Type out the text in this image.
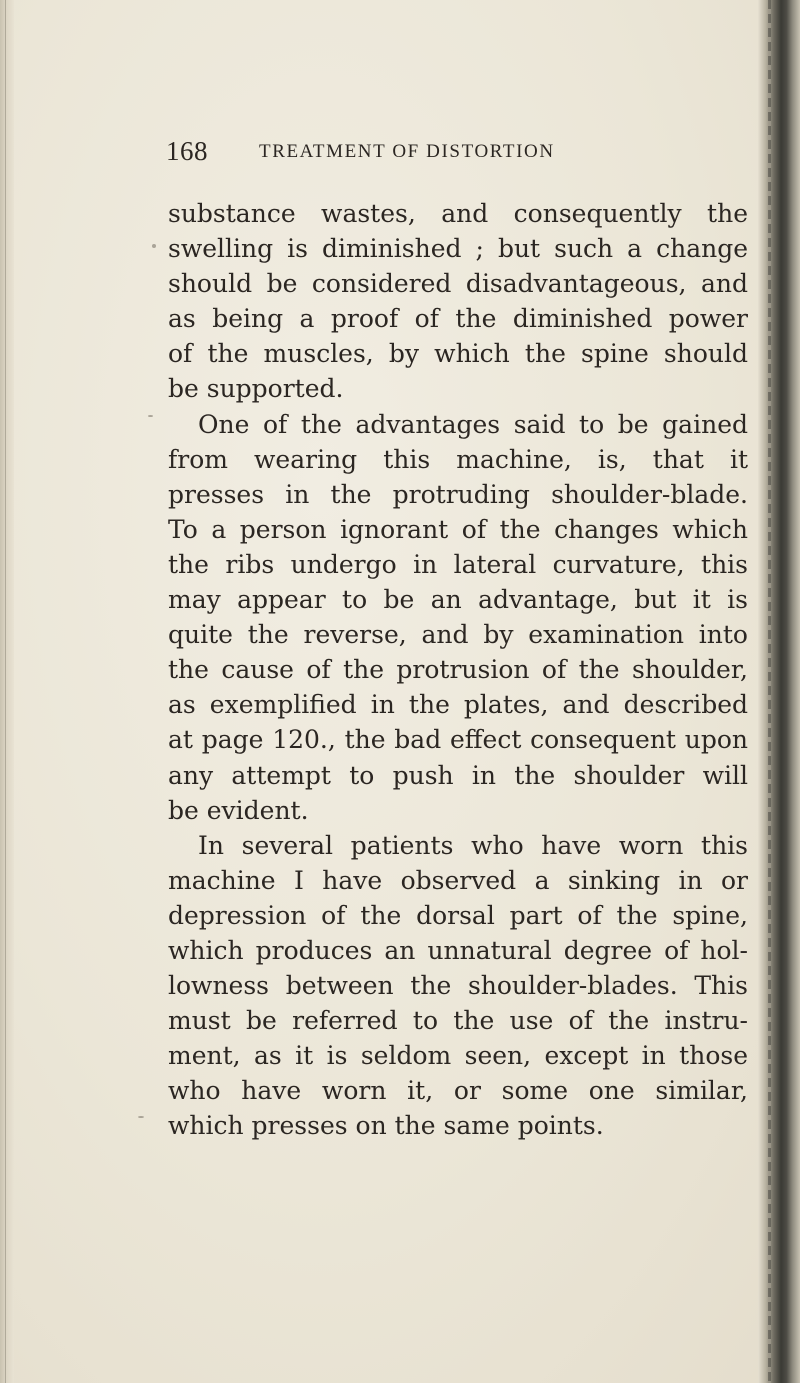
168	TREATMENT OF DISTORTION
substance wastes, and consequently the
swelling is diminished ; but such a change
should be considered disadvantageous, and
as being a proof of the diminished power
of the muscles, by which the spine should
be supported.
One of the advantages said to be gained
from wearing this machine, is, that it
presses in the protruding shoulder-blade.
To a person ignorant of the changes which
the ribs undergo in lateral curvature, this
may appear to be an advantage, but it is
quite the reverse, and by examination into
the cause of the protrusion of the shoulder,
as exemplified in the plates, and described
at page 120., the bad effect consequent upon
any attempt to push in the shoulder will
be evident.
In several patients who have worn this
machine I have observed a sinking in or
depression of the dorsal part of the spine,
which produces an unnatural degree of hol-
lowness between the shoulder-blades. This
must be referred to the use of the instru-
ment, as it is seldom seen, except in those
who have worn it, or some one similar,
which presses on the same points.
